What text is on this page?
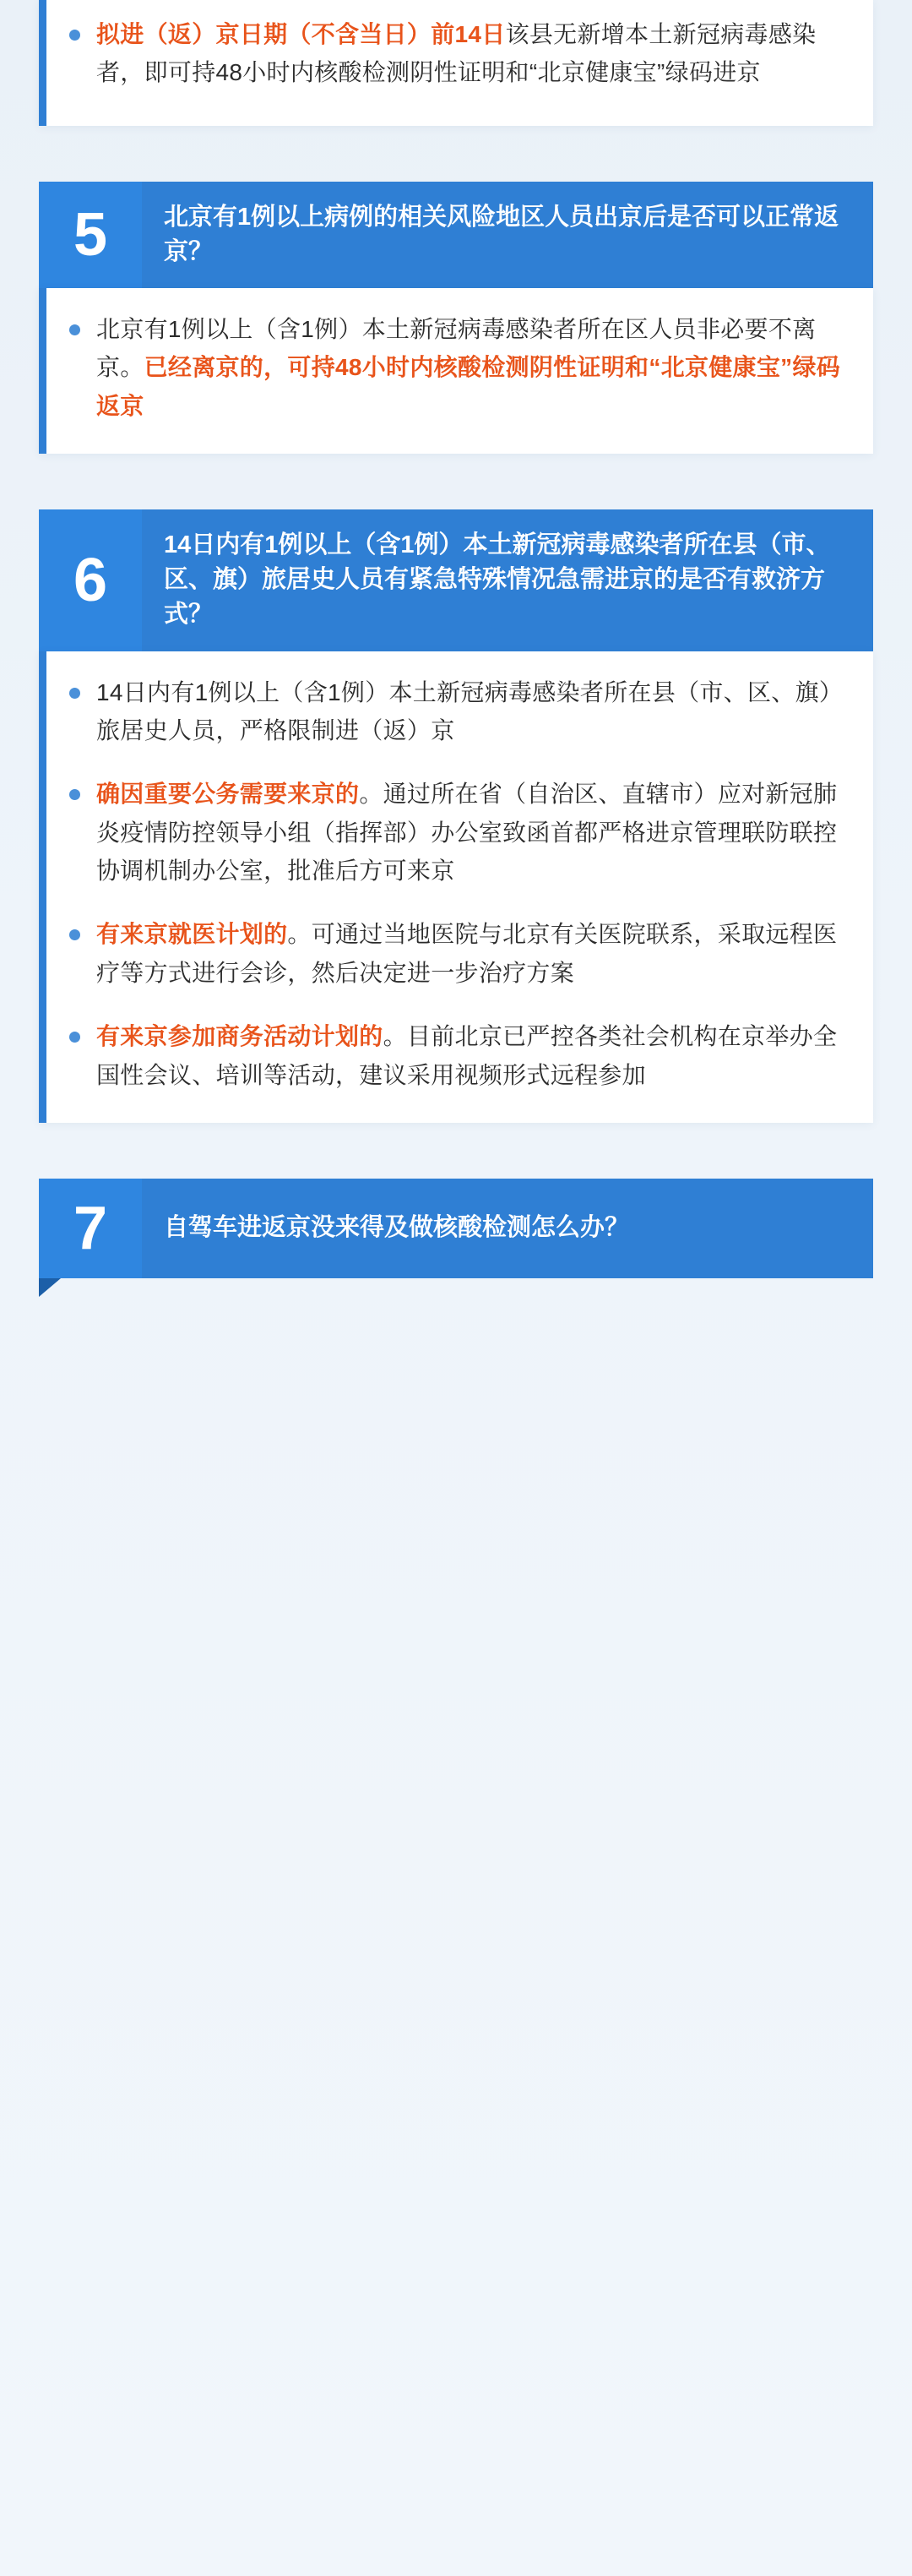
拟进（返）京日期（不含当日）前14日该县无新增本土新冠病毒感染者，即可持48小时内核酸检测阴性证明和“北京健康宝”绿码进京
5	北京有1例以上病例的相关风险地区人员出京后是否可以正常返京？
北京有1例以上（含1例）本土新冠病毒感染者所在区人员非必要不离京。已经离京的，可持48小时内核酸检测阴性证明和“北京健康宝”绿码返京
6
14日内有1例以上（含1例）本土新冠病毒感染者所在县（市、区、旗）旅居史人员有紧急特殊情况急需进京的是否有救济方式？
14日内有1例以上（含1例）本土新冠病毒感染者所在县（市、区、旗）旅居史人员，严格限制进（返）京
确因重要公务需要来京的。通过所在省（自治区、直辖市）应对新冠肺炎疫情防控领导小组（指挥部）办公室致函首都严格进京管理联防联控协调机制办公室，批准后方可来京
有来京就医计划的。可通过当地医院与北京有关医院联系，采取远程医疗等方式进行会诊，然后决定进一步治疗方案
有来京参加商务活动计划的。目前北京已严控各类社会机构在京举办全国性会议、培训等活动，建议采用视频形式远程参加
7	自驾车进返京没来得及做核酸检测怎么办？
